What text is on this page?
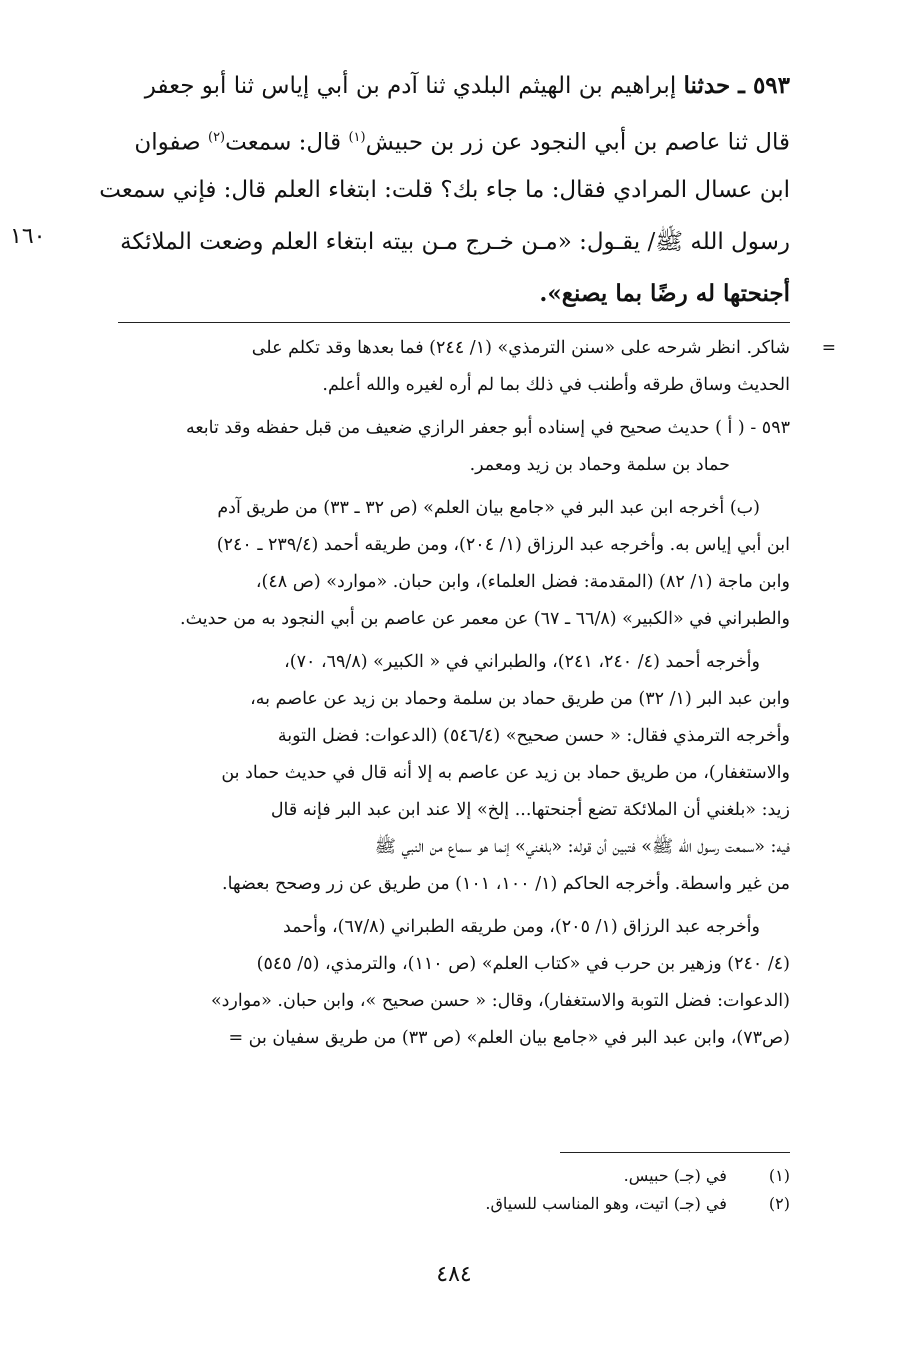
٥٩٣ ـ حدثنا إبراهيم بن الهيثم البلدي ثنا آدم بن أبي إياس ثنا أبو جعفر
قال ثنا عاصم بن أبي النجود عن زر بن حبيش$^{(١)}$ قال: سمعت$^{(٢)}$ صفوان
ابن عسال المرادي فقال: ما جاء بك؟ قلت: ابتغاء العلم قال: فإني سمعت
رسول الله ﷺ/ يقـول: «مـن خـرج مـن بيته ابتغاء العلم وضعت الملائكة
أجنحتها له رضًا بما يصنع».
١٦٠
=
شاكر. انظر شرحه على «سنن الترمذي» (١/ ٢٤٤) فما بعدها وقد تكلم على
الحديث وساق طرقه وأطنب في ذلك بما لم أره لغيره والله أعلم.
٥٩٣ - ( أ ) حديث صحيح في إسناده أبو جعفر الرازي ضعيف من قبل حفظه وقد تابعه
حماد بن سلمة وحماد بن زيد ومعمر.
(ب) أخرجه ابن عبد البر في «جامع بيان العلم» (ص ٣٢ ـ ٣٣) من طريق آدم
ابن أبي إياس به. وأخرجه عبد الرزاق (١/ ٢٠٤)، ومن طريقه أحمد (٢٣٩/٤ ـ ٢٤٠)
وابن ماجة (١/ ٨٢) (المقدمة: فضل العلماء)، وابن حبان. «موارد» (ص ٤٨)،
والطبراني في «الكبير» (٦٦/٨ ـ ٦٧) عن معمر عن عاصم بن أبي النجود به من حديث.
وأخرجه أحمد (٤/ ٢٤٠، ٢٤١)، والطبراني في « الكبير» (٦٩/٨، ٧٠)،
وابن عبد البر (١/ ٣٢) من طريق حماد بن سلمة وحماد بن زيد عن عاصم به،
وأخرجه الترمذي فقال: « حسن صحيح» (٥٤٦/٤) (الدعوات: فضل التوبة
والاستغفار)، من طريق حماد بن زيد عن عاصم به إلا أنه قال في حديث حماد بن
زيد: «بلغني أن الملائكة تضع أجنحتها... إلخ» إلا عند ابن عبد البر فإنه قال
فيه: «سمعت رسول الله ﷺ» فتبين أن قوله: «بلغني» إنما هو سماع من النبي ﷺ
من غير واسطة. وأخرجه الحاكم (١/ ١٠٠، ١٠١) من طريق عن زر وصحح بعضها.
وأخرجه عبد الرزاق (١/ ٢٠٥)، ومن طريقه الطبراني (٦٧/٨)، وأحمد
(٤/ ٢٤٠) وزهير بن حرب في «كتاب العلم» (ص ١١٠)، والترمذي، (٥/ ٥٤٥)
(الدعوات: فضل التوبة والاستغفار)، وقال: « حسن صحيح »، وابن حبان. «موارد»
(ص٧٣)، وابن عبد البر في «جامع بيان العلم» (ص ٣٣) من طريق سفيان بن =
(١) في (جـ) حبيس.
(٢) في (جـ) اتيت، وهو المناسب للسياق.
٤٨٤
